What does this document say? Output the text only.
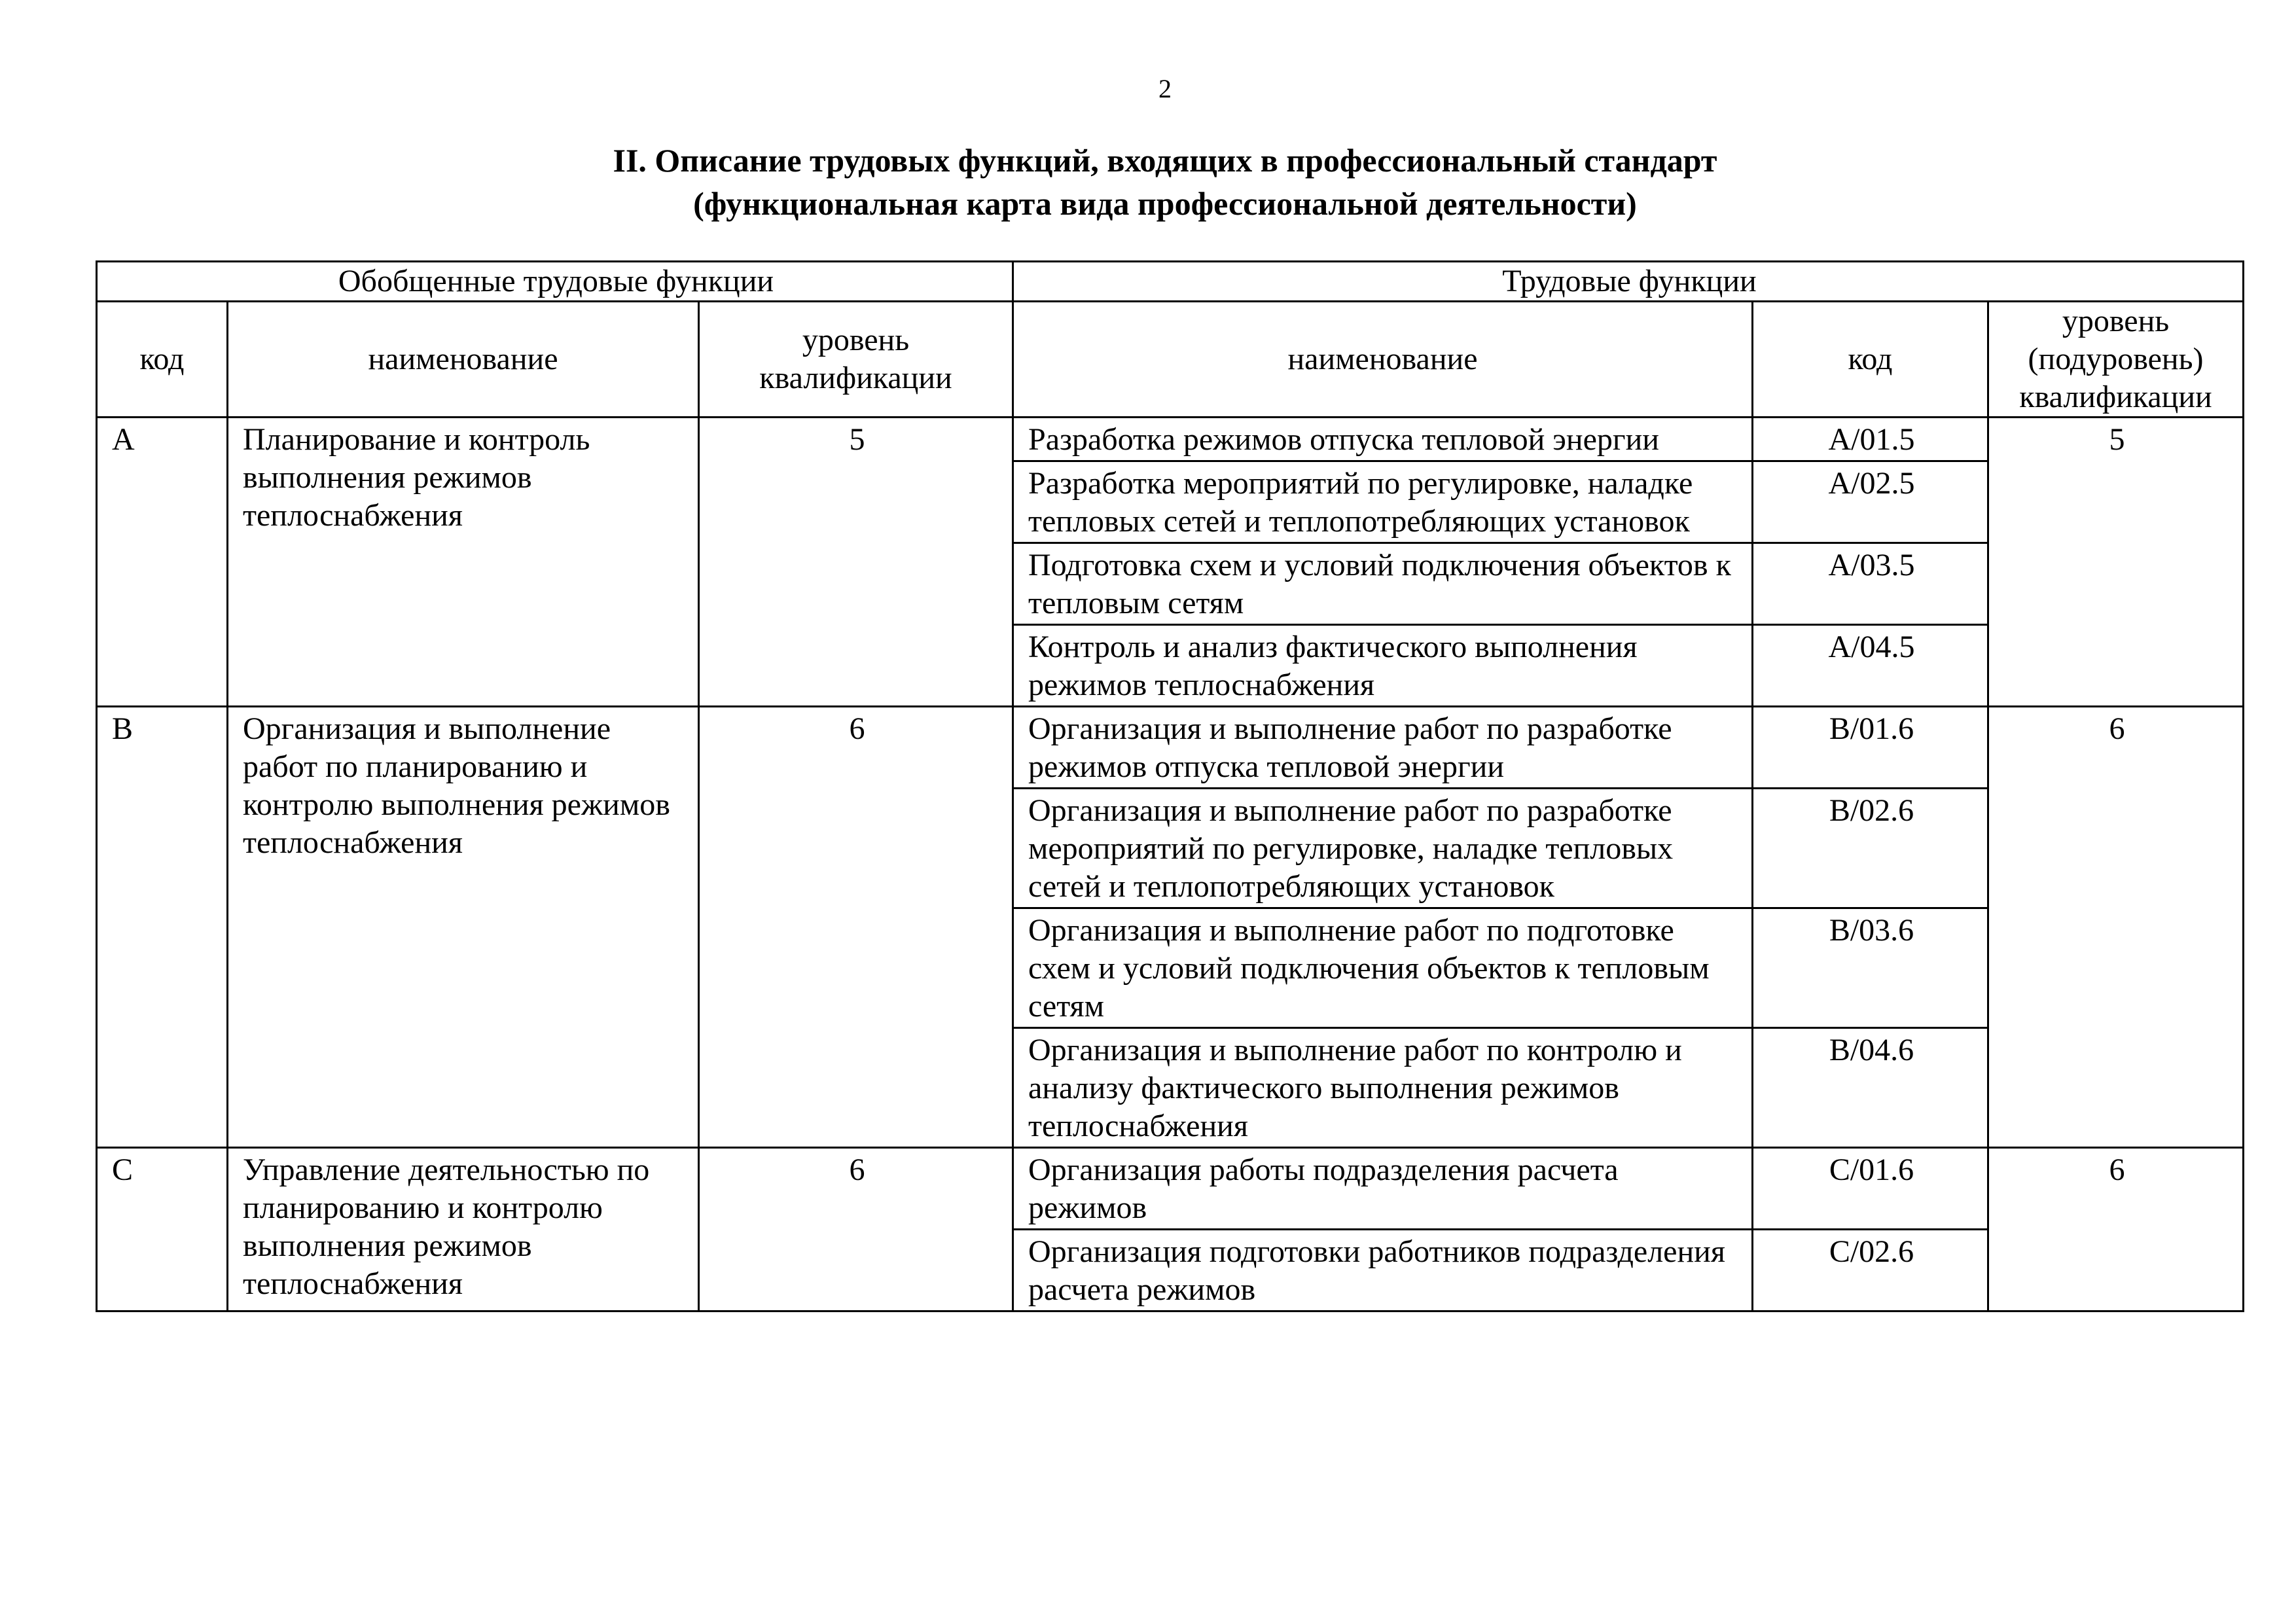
2
II. Описание трудовых функций, входящих в профессиональный стандарт
(функциональная карта вида профессиональной деятельности)
Обобщенные трудовые функции			Трудовые функции		
код	наименование	уровень квалификации	наименование	код	уровень (подуровень) квалификации
A	Планирование и контроль выполнения режимов теплоснабжения	5	Разработка режимов отпуска тепловой энергии	A/01.5	5
			Разработка мероприятий по регулировке, наладке тепловых сетей и теплопотребляющих установок	A/02.5	
			Подготовка схем и условий подключения объектов к тепловым сетям	A/03.5	
			Контроль и анализ фактического выполнения режимов теплоснабжения	A/04.5	
B	Организация и выполнение работ по планированию и контролю выполнения режимов теплоснабжения	6	Организация и выполнение работ по разработке режимов отпуска тепловой энергии	B/01.6	6
			Организация и выполнение работ по разработке мероприятий по регулировке, наладке тепловых сетей и теплопотребляющих установок	B/02.6	
			Организация и выполнение работ по подготовке схем и условий подключения объектов к тепловым сетям	B/03.6	
			Организация и выполнение работ по контролю и анализу фактического выполнения режимов теплоснабжения	B/04.6	
C	Управление деятельностью по планированию и контролю выполнения режимов теплоснабжения	6	Организация работы подразделения расчета режимов	C/01.6	6
			Организация подготовки работников подразделения расчета режимов	C/02.6	
